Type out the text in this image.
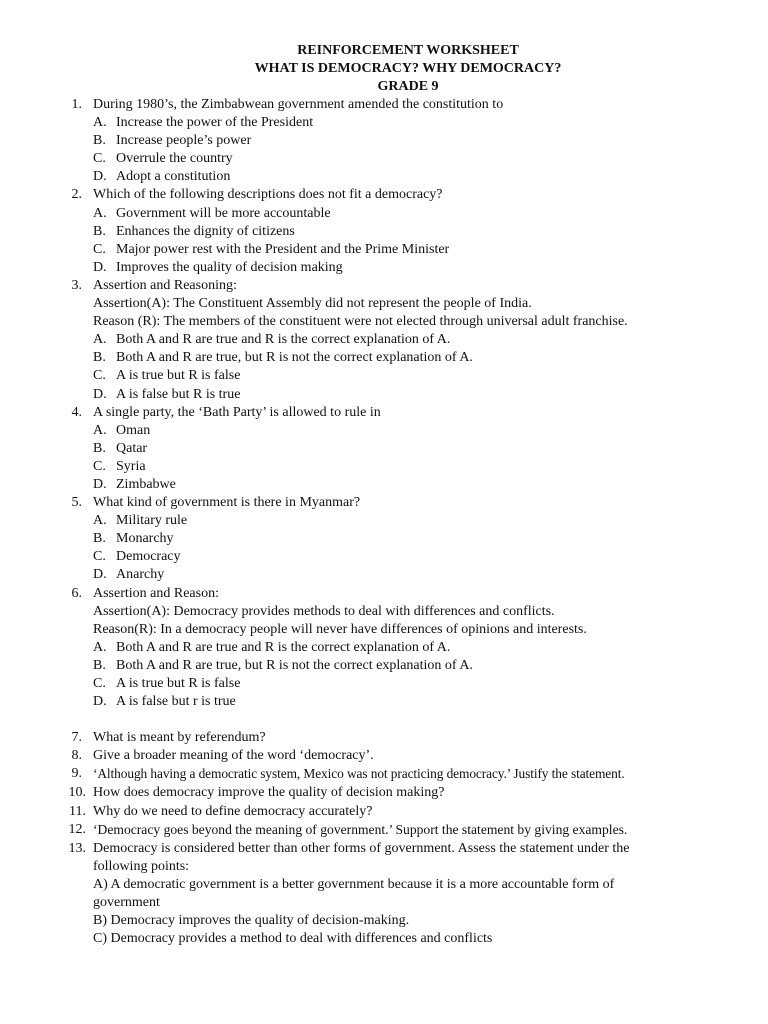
REINFORCEMENT WORKSHEET
WHAT IS DEMOCRACY? WHY DEMOCRACY?
GRADE 9
1. During 1980’s, the Zimbabwean government amended the constitution to
A. Increase the power of the President
B. Increase people’s power
C. Overrule the country
D. Adopt a constitution
2. Which of the following descriptions does not fit a democracy?
A. Government will be more accountable
B. Enhances the dignity of citizens
C. Major power rest with the President and the Prime Minister
D. Improves the quality of decision making
3. Assertion and Reasoning:
Assertion(A): The Constituent Assembly did not represent the people of India.
Reason (R): The members of the constituent were not elected through universal adult franchise.
A. Both A and R are true and R is the correct explanation of A.
B. Both A and R are true, but R is not the correct explanation of A.
C. A is true but R is false
D. A is false but R is true
4. A single party, the ‘Bath Party’ is allowed to rule in
A. Oman
B. Qatar
C. Syria
D. Zimbabwe
5. What kind of government is there in Myanmar?
A. Military rule
B. Monarchy
C. Democracy
D. Anarchy
6. Assertion and Reason:
Assertion(A): Democracy provides methods to deal with differences and conflicts.
Reason(R): In a democracy people will never have differences of opinions and interests.
A. Both A and R are true and R is the correct explanation of A.
B. Both A and R are true, but R is not the correct explanation of A.
C. A is true but R is false
D. A is false but r is true
7. What is meant by referendum?
8. Give a broader meaning of the word ‘democracy’.
9. ‘Although having a democratic system, Mexico was not practicing democracy.’ Justify the statement.
10. How does democracy improve the quality of decision making?
11. Why do we need to define democracy accurately?
12. ‘Democracy goes beyond the meaning of government.’ Support the statement by giving examples.
13. Democracy is considered better than other forms of government. Assess the statement under the
following points:
A) A democratic government is a better government because it is a more accountable form of
government
B) Democracy improves the quality of decision-making.
C) Democracy provides a method to deal with differences and conflicts
